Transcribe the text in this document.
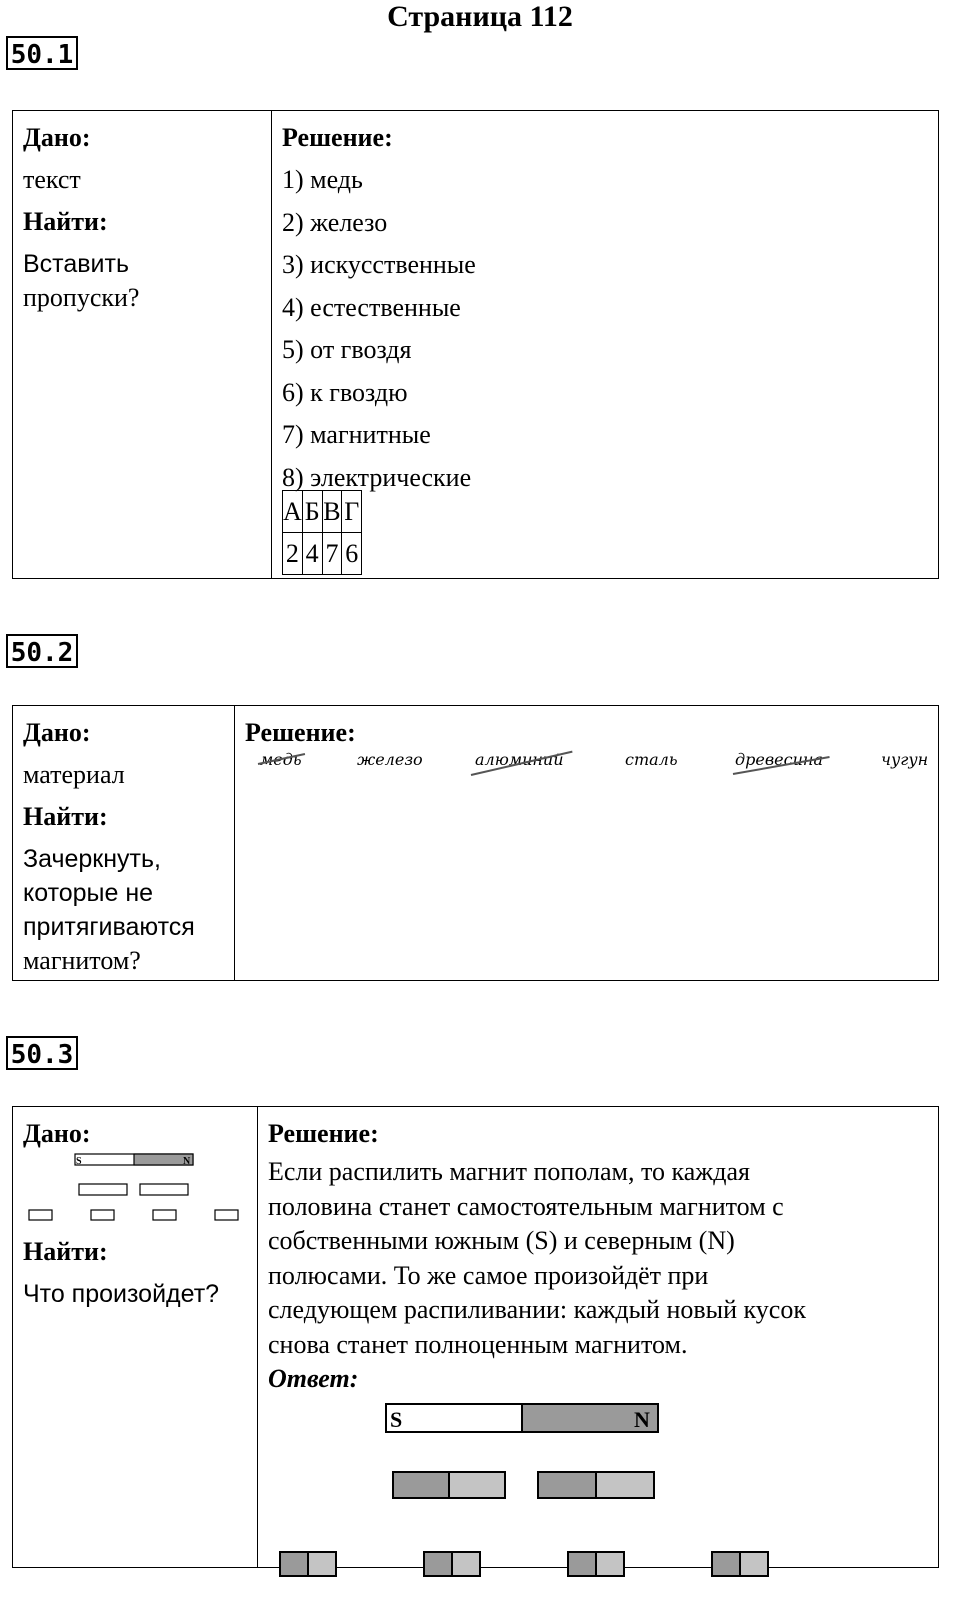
Страница 112
50.1
Дано:
текст
Найти:
Вставить
пропуски?
Решение:
1) медь
2) железо
3) искусственные
4) естественные
5) от гвоздя
6) к гвоздю
7) магнитные
8) электрические
А	Б	В	Г
2	4	7	6
50.2
Дано:
материал
Найти:
Зачеркнуть,
которые не
притягиваются
магнитом?
Решение:
медь	железо	алюминий	сталь	древесина	чугун
50.3
Дано:
S	N
Найти:
Что произойдет?
Решение:
Если распилить магнит пополам, то каждая
половина станет самостоятельным магнитом с
собственными южным (S) и северным (N)
полюсами. То же самое произойдёт при
следующем распиливании: каждый новый кусок
снова станет полноценным магнитом.
Ответ:
S	N
